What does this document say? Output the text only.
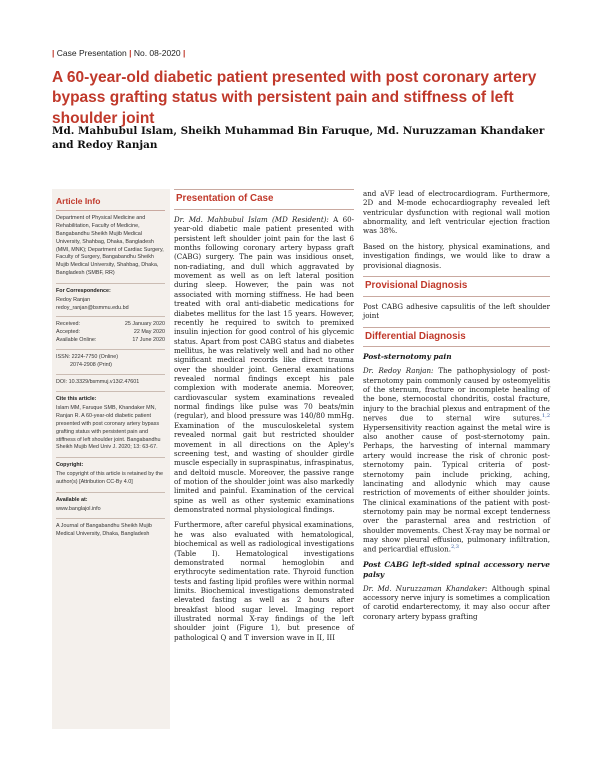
| Case Presentation | No. 08-2020 |
A 60-year-old diabetic patient presented with post coronary artery bypass grafting status with persistent pain and stiffness of left shoulder joint

Md. Mahbubul Islam, Sheikh Muhammad Bin Faruque, Md. Nuruzzaman Khandaker and Redoy Ranjan

Article Info

Department of Physical Medicine and Rehabilitation, Faculty of Medicine, Bangabandhu Sheikh Mujib Medical University, Shahbag, Dhaka, Bangladesh (MMI, MNK); Department of Cardiac Surgery, Faculty of Surgery, Bangabandhu Sheikh Mujib Medical University, Shahbag, Dhaka, Bangladesh (SMBF, RR)

For Correspondence:
Redoy Ranjan
redoy_ranjan@bsmmu.edu.bd
Received:	25 January 2020
Accepted:	22 May 2020
Available Online:	17 June 2020
ISSN: 2224-7750 (Online)
2074-2908 (Print)

DOI: 10.3329/bsmmuj.v13i2.47601

Cite this article:

Islam MM, Faruque SMB, Khandaker MN, Ranjan R. A 60-year-old diabetic patient presented with post coronary artery bypass grafting status with persistent pain and stiffness of left shoulder joint. Bangabandhu Sheikh Mujib Med Univ J. 2020; 13: 63-67.

Copyright:

The copyright of this article is retained by the author(s) [Attribution CC-By 4.0]

Available at:

www.banglajol.info

A Journal of Bangabandhu Sheikh Mujib Medical University, Dhaka, Bangladesh

Presentation of Case

Dr. Md. Mahbubul Islam (MD Resident): A 60-year-old diabetic male patient presented with persistent left shoulder joint pain for the last 6 months following coronary artery bypass graft (CABG) surgery. The pain was insidious onset, non-radiating, and dull which aggravated by movement as well as on left lateral position during sleep. However, the pain was not associated with morning stiffness. He had been treated with oral anti-diabetic medications for diabetes mellitus for the last 15 years. However, recently he required to switch to premixed insulin injection for good control of his glycemic status. Apart from post CABG status and diabetes mellitus, he was relatively well and had no other significant medical records like direct trauma over the shoulder joint. General examinations revealed normal findings except his pale complexion with moderate anemia. Moreover, cardiovascular system examinations revealed normal findings like pulse was 70 beats/min (regular), and blood pressure was 140/80 mmHg. Examination of the musculoskeletal system revealed normal gait but restricted shoulder movement in all directions on the Apley's screening test, and wasting of shoulder girdle muscle especially in supraspinatus, infraspinatus, and deltoid muscle. Moreover, the passive range of motion of the shoulder joint was also markedly limited and painful. Examination of the cervical spine as well as other systemic examinations demonstrated normal physiological findings.

Furthermore, after careful physical examinations, he was also evaluated with hematological, biochemical as well as radiological investigations (Table I). Hematological investigations demonstrated normal hemoglobin and erythrocyte sedimentation rate. Thyroid function tests and fasting lipid profiles were within normal limits. Biochemical investigations demonstrated elevated fasting as well as 2 hours after breakfast blood sugar level. Imaging report illustrated normal X-ray findings of the left shoulder joint (Figure 1), but presence of pathological Q and T inversion wave in II, III

and aVF lead of electrocardiogram. Furthermore, 2D and M-mode echocardiography revealed left ventricular dysfunction with regional wall motion abnormality, and left ventricular ejection fraction was 38%.

Based on the history, physical examinations, and investigation findings, we would like to draw a provisional diagnosis.

Provisional Diagnosis

Post CABG adhesive capsulitis of the left shoulder joint

Differential Diagnosis
Post-sternotomy pain

Dr. Redoy Ranjan: The pathophysiology of post-sternotomy pain commonly caused by osteomyelitis of the sternum, fracture or incomplete healing of the bone, sternocostal chondritis, costal fracture, injury to the brachial plexus and entrapment of the nerves due to sternal wire sutures.$^{1,2}$ Hypersensitivity reaction against the metal wire is also another cause of post-sternotomy pain. Perhaps, the harvesting of internal mammary artery would increase the risk of chronic post-sternotomy pain. Typical criteria of post-sternotomy pain include pricking, aching, lancinating and allodynic which may cause restriction of movements of either shoulder joints. The clinical examinations of the patient with post-sternotomy pain may be normal except tenderness over the parasternal area and restriction of shoulder movements. Chest X-ray may be normal or may show pleural effusion, pulmonary infiltration, and pericardial effusion.$^{2,3}$

Post CABG left-sided spinal accessory nerve palsy

Dr. Md. Nuruzzaman Khandaker: Although spinal accessory nerve injury is sometimes a complication of carotid endarterectomy, it may also occur after coronary artery bypass grafting
